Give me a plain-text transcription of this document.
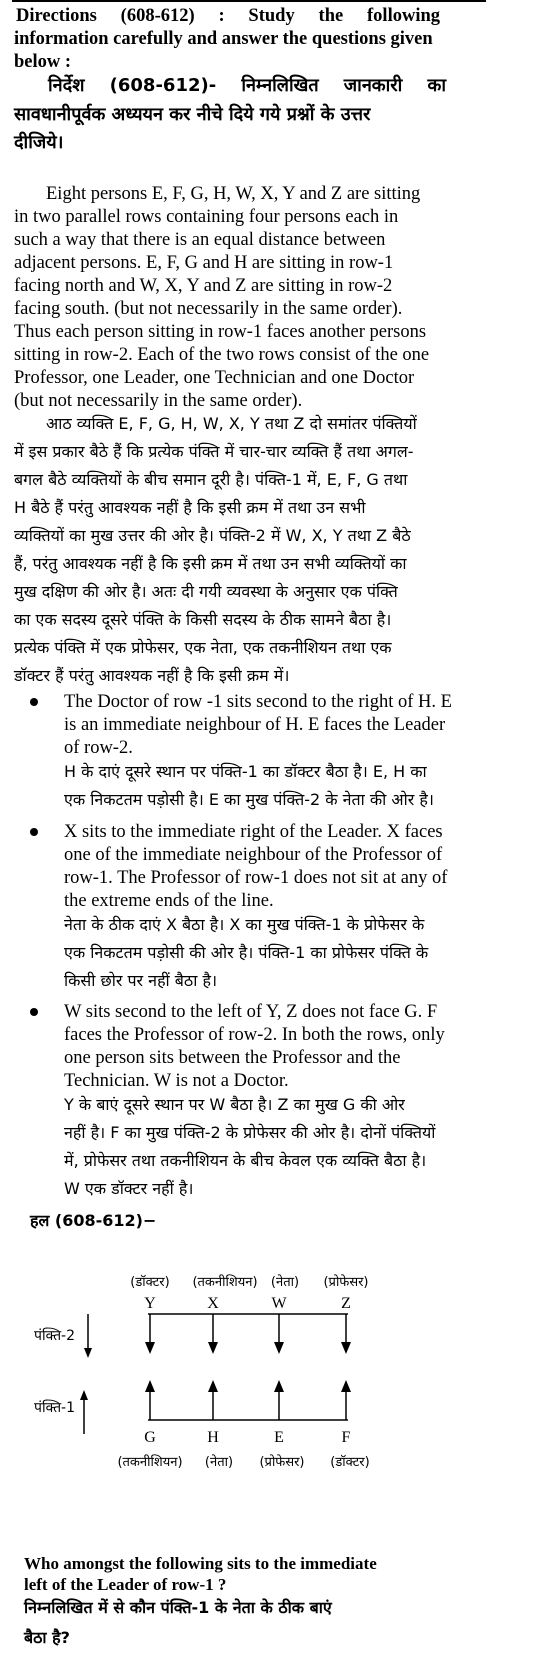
Directions (608-612) : Study the following

information carefully and answer the questions given

below :

निर्देश (608-612)- निम्नलिखित जानकारी का

सावधानीपूर्वक अध्ययन कर नीचे दिये गये प्रश्नों के उत्तर

दीजिये।

Eight persons E, F, G, H, W, X, Y and Z are sitting

in two parallel rows containing four persons each in

such a way that there is an equal distance between

adjacent persons. E, F, G and H are sitting in row-1

facing north and W, X, Y and Z are sitting in row-2

facing south. (but not necessarily in the same order).

Thus each person sitting in row-1 faces another persons

sitting in row-2. Each of the two rows consist of the one

Professor, one Leader, one Technician and one Doctor

(but not necessarily in the same order).

आठ व्यक्ति E, F, G, H, W, X, Y तथा Z दो समांतर पंक्तियों

में इस प्रकार बैठे हैं कि प्रत्येक पंक्ति में चार-चार व्यक्ति हैं तथा अगल-

बगल बैठे व्यक्तियों के बीच समान दूरी है। पंक्ति-1 में, E, F, G तथा

H बैठे हैं परंतु आवश्यक नहीं है कि इसी क्रम में तथा उन सभी

व्यक्तियों का मुख उत्तर की ओर है। पंक्ति-2 में W, X, Y तथा Z बैठे

हैं, परंतु आवश्यक नहीं है कि इसी क्रम में तथा उन सभी व्यक्तियों का

मुख दक्षिण की ओर है। अतः दी गयी व्यवस्था के अनुसार एक पंक्ति

का एक सदस्य दूसरे पंक्ति के किसी सदस्य के ठीक सामने बैठा है।

प्रत्येक पंक्ति में एक प्रोफेसर, एक नेता, एक तकनीशियन तथा एक

डॉक्टर हैं परंतु आवश्यक नहीं है कि इसी क्रम में।

The Doctor of row -1 sits second to the right of H. E

is an immediate neighbour of H. E faces the Leader

of row-2.

H के दाएं दूसरे स्थान पर पंक्ति-1 का डॉक्टर बैठा है। E, H का

एक निकटतम पड़ोसी है। E का मुख पंक्ति-2 के नेता की ओर है।

X sits to the immediate right of the Leader. X faces

one of the immediate neighbour of the Professor of

row-1. The Professor of row-1 does not sit at any of

the extreme ends of the line.

नेता के ठीक दाएं X बैठा है। X का मुख पंक्ति-1 के प्रोफेसर के

एक निकटतम पड़ोसी की ओर है। पंक्ति-1 का प्रोफेसर पंक्ति के

किसी छोर पर नहीं बैठा है।

W sits second to the left of Y, Z does not face G. F

faces the Professor of row-2. In both the rows, only

one person sits between the Professor and the

Technician. W is not a Doctor.

Y के बाएं दूसरे स्थान पर W बैठा है। Z का मुख G की ओर

नहीं है। F का मुख पंक्ति-2 के प्रोफेसर की ओर है। दोनों पंक्तियों

में, प्रोफेसर तथा तकनीशियन के बीच केवल एक व्यक्ति बैठा है।

W एक डॉक्टर नहीं है।

हल (608-612)−

पंक्ति-2
पंक्ति-1
(डॉक्टर) (तकनीशियन) (नेता) (प्रोफेसर)
Y	X	W	Z
G	H	E	F
(तकनीशियन) (नेता) (प्रोफेसर) (डॉक्टर)

Who amongst the following sits to the immediate

left of the Leader of row-1 ?

निम्नलिखित में से कौन पंक्ति-1 के नेता के ठीक बाएं

बैठा है?
